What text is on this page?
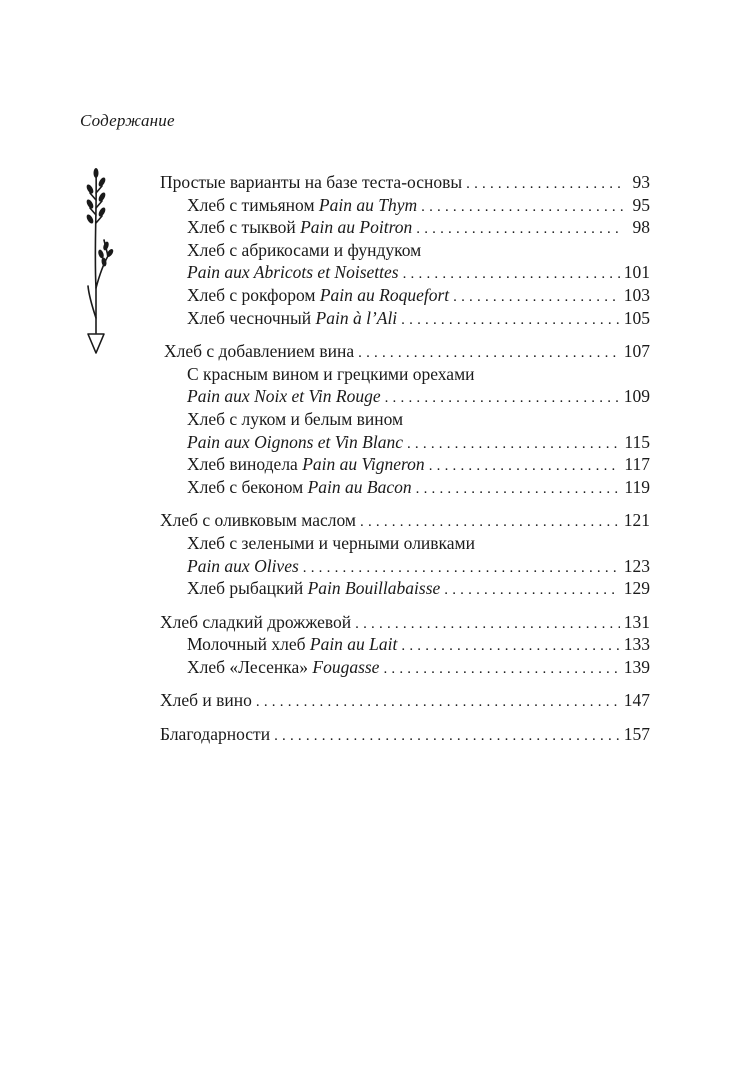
Содержание
Простые варианты на базе теста-основы .....	93
Хлеб с тимьяном Pain au Thym .....	95
Хлеб с тыквой Pain au Poitron .....	98
Хлеб с абрикосами и фундуком
Pain aux Abricots et Noisettes .....	101
Хлеб с рокфором Pain au Roquefort .....	103
Хлеб чесночный Pain à l’Ali .....	105
Хлеб с добавлением вина .....	107
С красным вином и грецкими орехами
Pain aux Noix et Vin Rouge .....	109
Хлеб с луком и белым вином
Pain aux Oignons et Vin Blanc .....	115
Хлеб винодела Pain au Vigneron .....	117
Хлеб с беконом Pain au Bacon .....	119
Хлеб с оливковым маслом .....	121
Хлеб с зелеными и черными оливками
Pain aux Olives .....	123
Хлеб рыбацкий Pain Bouillabaisse .....	129
Хлеб сладкий дрожжевой .....	131
Молочный хлеб Pain au Lait .....	133
Хлеб «Лесенка» Fougasse .....	139
Хлеб и вино .....	147
Благодарности .....	157
